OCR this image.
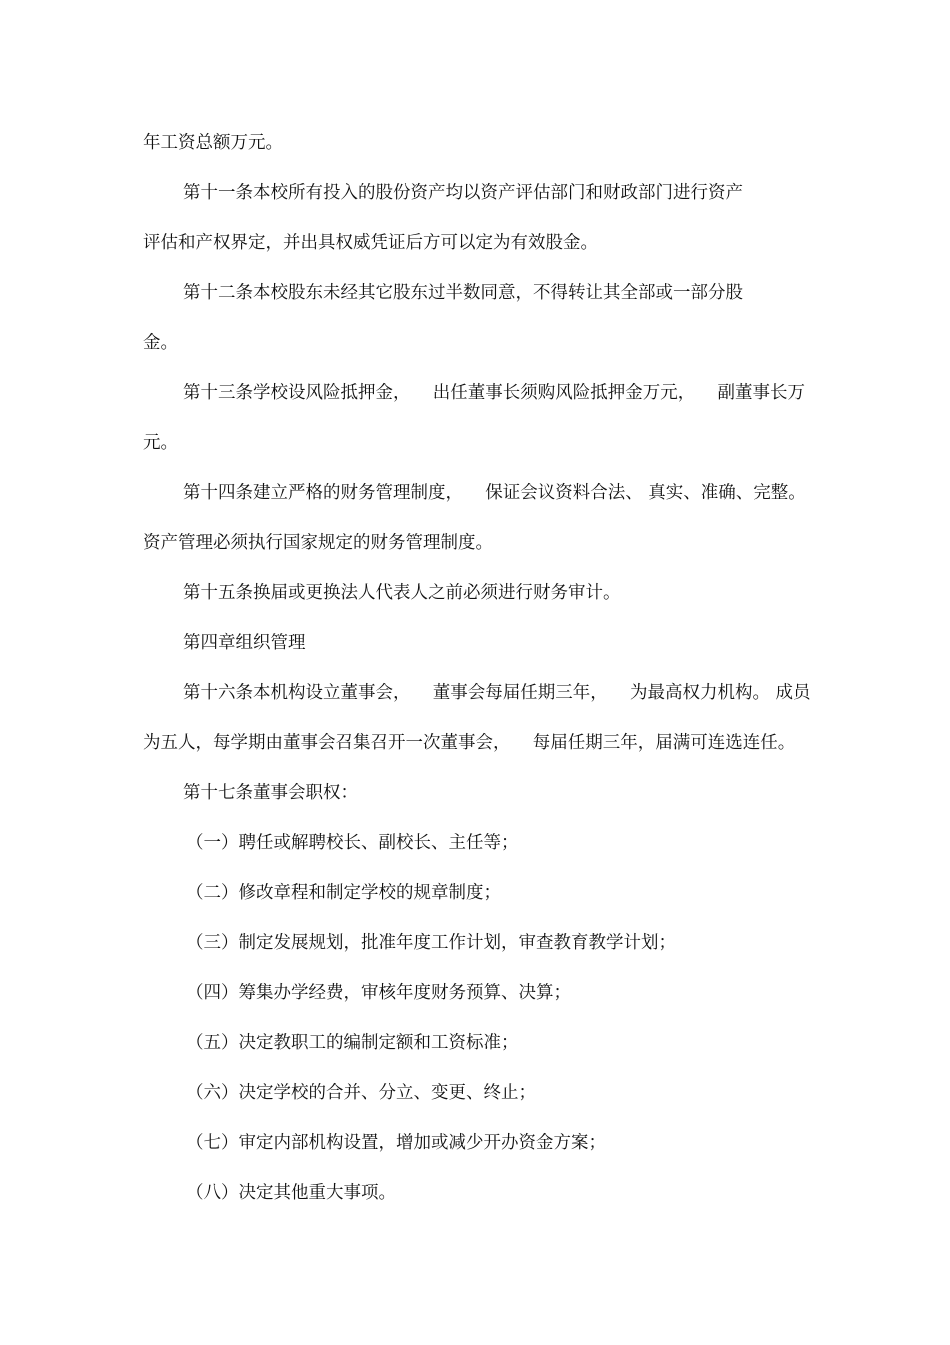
年工资总额万元。
第十一条本校所有投入的股份资产均以资产评估部门和财政部门进行资产
评估和产权界定，并出具权威凭证后方可以定为有效股金。
第十二条本校股东未经其它股东过半数同意，不得转让其全部或一部分股
金。
第十三条学校设风险抵押金，    出任董事长须购风险抵押金万元，    副董事长万
元。
第十四条建立严格的财务管理制度，    保证会议资料合法、 真实、准确、完整。
资产管理必须执行国家规定的财务管理制度。
第十五条换届或更换法人代表人之前必须进行财务审计。
第四章组织管理
第十六条本机构设立董事会，    董事会每届任期三年，    为最高权力机构。 成员
为五人，每学期由董事会召集召开一次董事会，    每届任期三年，届满可连选连任。
第十七条董事会职权：
（一）聘任或解聘校长、副校长、主任等；
（二）修改章程和制定学校的规章制度；
（三）制定发展规划，批准年度工作计划，审查教育教学计划；
（四）筹集办学经费，审核年度财务预算、决算；
（五）决定教职工的编制定额和工资标准；
（六）决定学校的合并、分立、变更、终止；
（七）审定内部机构设置，增加或减少开办资金方案；
（八）决定其他重大事项。
